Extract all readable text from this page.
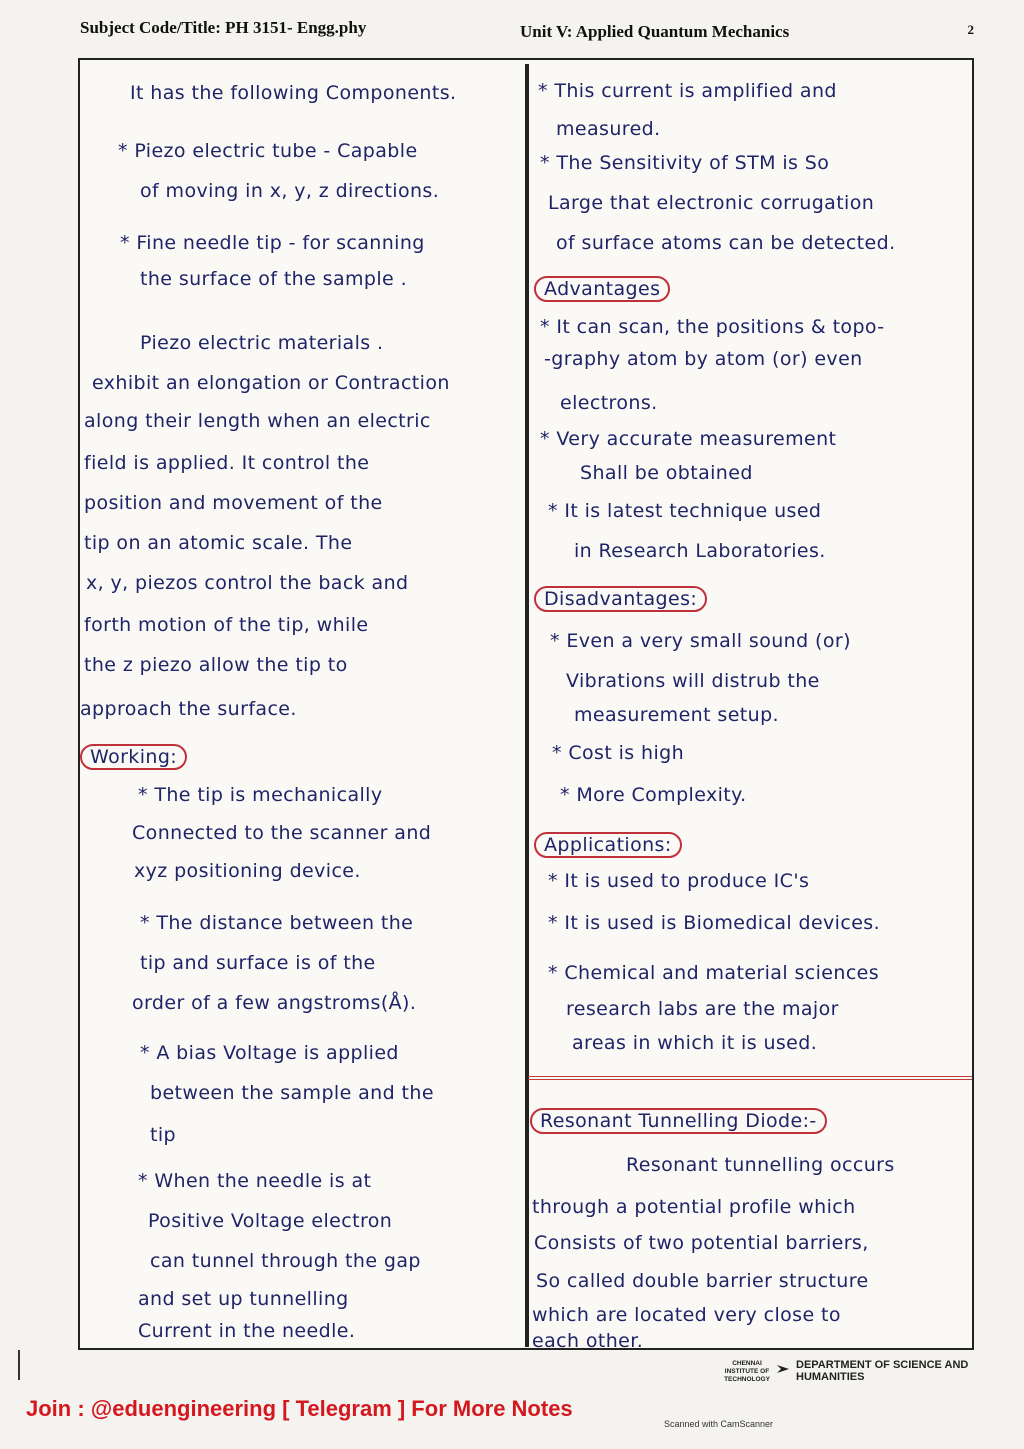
Subject Code/Title: PH 3151- Engg.phy	Unit V: Applied Quantum Mechanics	2
It has the following Components.
* Piezo electric tube - Capable
of moving in x, y, z directions.
* Fine needle tip - for scanning
the surface of the sample .
Piezo electric materials .
exhibit an elongation or Contraction
along their length when an electric
field is applied. It control the
position and movement of the
tip on an atomic scale. The
x, y, piezos control the back and
forth motion of the tip, while
the z piezo allow the tip to
approach the surface.
Working:
* The tip is mechanically
Connected to the scanner and
xyz positioning device.
* The distance between the
tip and surface is of the
order of a few angstroms(Å).
* A bias Voltage is applied
between the sample and the
tip
* When the needle is at
Positive Voltage electron
can tunnel through the gap
and set up tunnelling
Current in the needle.
* This current is amplified and
measured.
* The Sensitivity of STM is So
Large that electronic corrugation
of surface atoms can be detected.
Advantages
* It can scan, the positions & topo-
-graphy atom by atom (or) even
electrons.
* Very accurate measurement
Shall be obtained
* It is latest technique used
in Research Laboratories.
Disadvantages:
* Even a very small sound (or)
Vibrations will distrub the
measurement setup.
* Cost is high
* More Complexity.
Applications:
* It is used to produce IC's
* It is used is Biomedical devices.
* Chemical and material sciences
research labs are the major
areas in which it is used.
Resonant Tunnelling Diode:-
Resonant tunnelling occurs
through a potential profile which
Consists of two potential barriers,
So called double barrier structure
which are located very close to
each other.
CHENNAI INSTITUTE OF TECHNOLOGY
DEPARTMENT OF SCIENCE AND HUMANITIES
Join : @eduengineering [ Telegram ] For More Notes
Scanned with CamScanner
